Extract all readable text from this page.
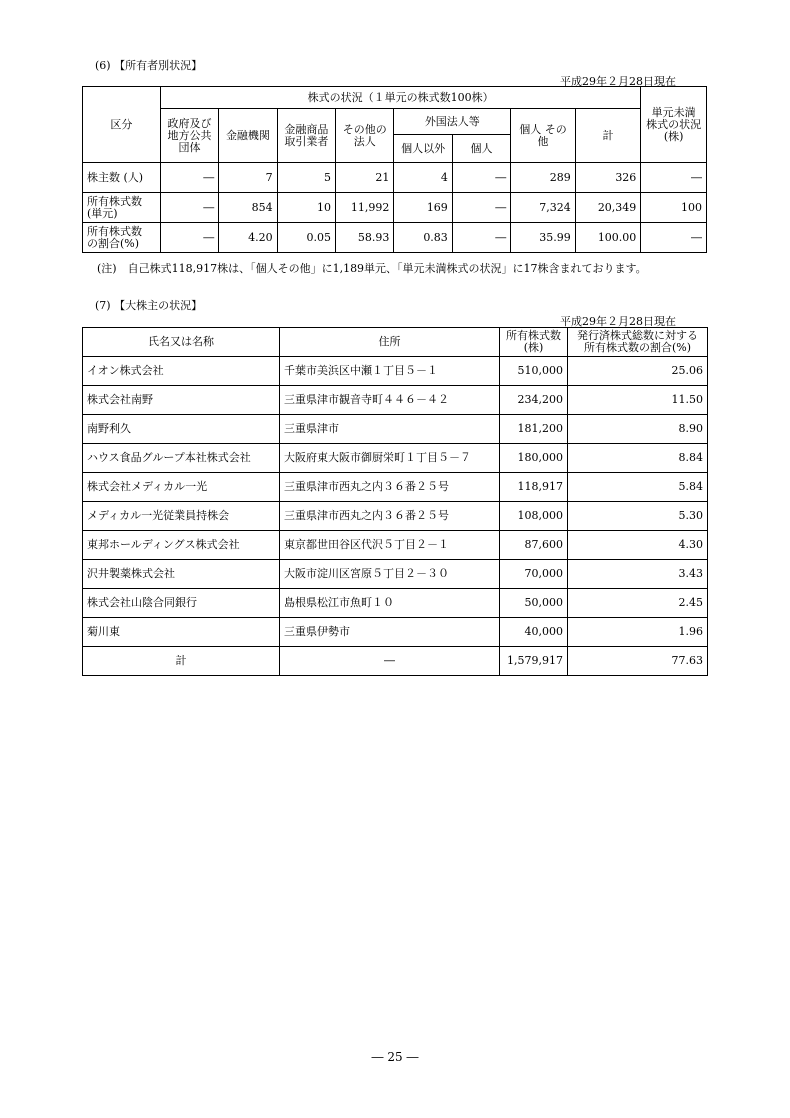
(6) 【所有者別状況】
平成29年２月28日現在
区分	株式の状況（１単元の株式数100株）								単元未満 株式の状況 (株)
	政府及び 地方公共 団体	金融機関	金融商品 取引業者	その他の 法人	外国法人等		個人 その他	計	
					個人以外	個人			
株主数 (人)	―	7	5	21	4	―	289	326	―
所有株式数 (単元)	―	854	10	11,992	169	―	7,324	20,349	100
所有株式数 の割合(%)	―	4.20	0.05	58.93	0.83	―	35.99	100.00	―
(注)　自己株式118,917株は、「個人その他」に1,189単元、「単元未満株式の状況」に17株含まれております。
(7) 【大株主の状況】
平成29年２月28日現在
氏名又は名称	住所	所有株式数 (株)	発行済株式総数に対する 所有株式数の割合(%)
イオン株式会社	千葉市美浜区中瀬１丁目５－１	510,000	25.06
株式会社南野	三重県津市観音寺町４４６－４２	234,200	11.50
南野利久	三重県津市	181,200	8.90
ハウス食品グループ本社株式会社	大阪府東大阪市御厨栄町１丁目５－７	180,000	8.84
株式会社メディカル一光	三重県津市西丸之内３６番２５号	118,917	5.84
メディカル一光従業員持株会	三重県津市西丸之内３６番２５号	108,000	5.30
東邦ホールディングス株式会社	東京都世田谷区代沢５丁目２－１	87,600	4.30
沢井製薬株式会社	大阪市淀川区宮原５丁目２－３０	70,000	3.43
株式会社山陰合同銀行	島根県松江市魚町１０	50,000	2.45
菊川東	三重県伊勢市	40,000	1.96
計	―	1,579,917	77.63
― 25 ―
